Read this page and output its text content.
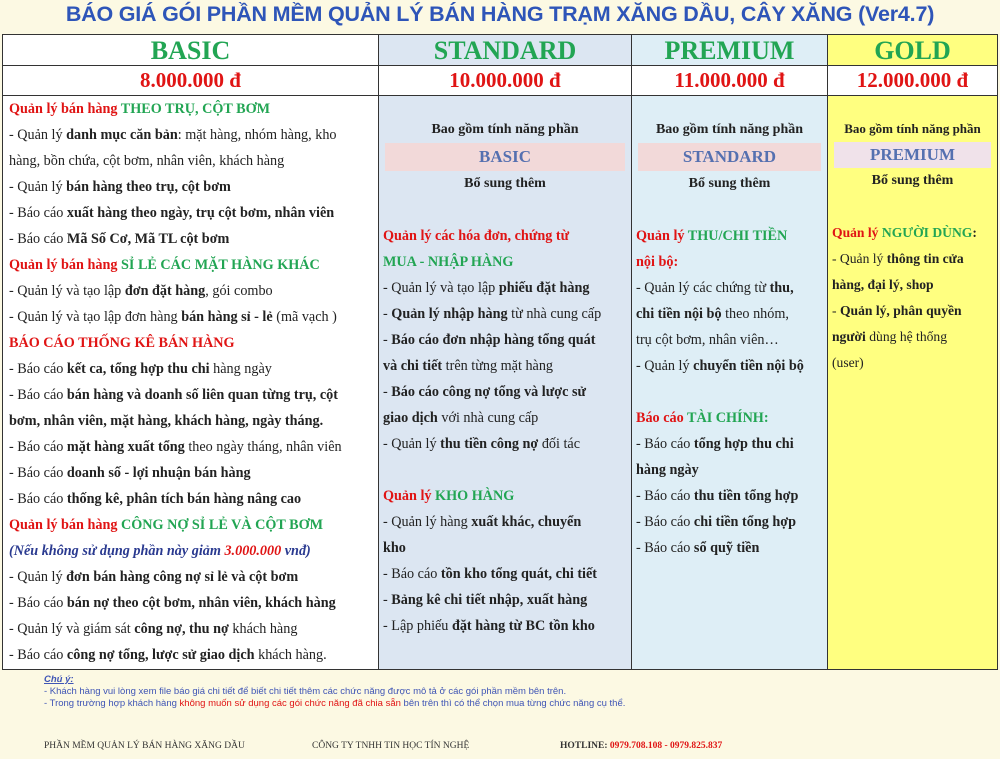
BÁO GIÁ GÓI PHẦN MỀM QUẢN LÝ BÁN HÀNG TRẠM XĂNG DẦU, CÂY XĂNG (Ver4.7)
BASIC
8.000.000 đ
Quản lý bán hàng THEO TRỤ, CỘT BƠM
- Quản lý danh mục căn bản: mặt hàng, nhóm hàng, kho
hàng, bồn chứa, cột bơm, nhân viên, khách hàng
- Quản lý bán hàng theo trụ, cột bơm
- Báo cáo xuất hàng theo ngày, trụ cột bơm, nhân viên
- Báo cáo Mã Số Cơ, Mã TL cột bơm
Quản lý bán hàng SỈ LẺ CÁC MẶT HÀNG KHÁC
- Quản lý và tạo lập đơn đặt hàng, gói combo
- Quản lý và tạo lập đơn hàng bán hàng sỉ - lẻ (mã vạch )
BÁO CÁO THỐNG KÊ BÁN HÀNG
- Báo cáo kết ca, tổng hợp thu chi hàng ngày
- Báo cáo bán hàng và doanh số liên quan từng trụ, cột
bơm, nhân viên, mặt hàng, khách hàng, ngày tháng.
- Báo cáo mặt hàng xuất tổng theo ngày tháng, nhân viên
- Báo cáo doanh số - lợi nhuận bán hàng
- Báo cáo thống kê, phân tích bán hàng nâng cao
Quản lý bán hàng CÔNG NỢ SỈ LẺ VÀ CỘT BƠM
(Nếu không sử dụng phần này giảm 3.000.000 vnđ)
- Quản lý đơn bán hàng công nợ sỉ lẻ và cột bơm
- Báo cáo bán nợ theo cột bơm, nhân viên, khách hàng
- Quản lý và giám sát công nợ, thu nợ khách hàng
- Báo cáo công nợ tổng, lược sử giao dịch khách hàng.
STANDARD
10.000.000 đ
Bao gồm tính năng phần
BASIC
Bổ sung thêm
Quản lý các hóa đơn, chứng từ
MUA - NHẬP HÀNG
- Quản lý và tạo lập phiếu đặt hàng
- Quản lý nhập hàng từ nhà cung cấp
- Báo cáo đơn nhập hàng tổng quát
và chi tiết trên từng mặt hàng
- Báo cáo công nợ tổng và lược sử
giao dịch với nhà cung cấp
- Quản lý thu tiền công nợ đối tác
Quản lý KHO HÀNG
- Quản lý hàng xuất khác, chuyển
kho
- Báo cáo tồn kho tổng quát, chi tiết
- Bảng kê chi tiết nhập, xuất hàng
- Lập phiếu đặt hàng từ BC tồn kho
PREMIUM
11.000.000 đ
Bao gồm tính năng phần
STANDARD
Bổ sung thêm
Quản lý THU/CHI TIỀN
nội bộ:
- Quản lý các chứng từ thu,
chi tiền nội bộ theo nhóm,
trụ cột bơm, nhân viên…
- Quản lý chuyển tiền nội bộ
Báo cáo TÀI CHÍNH:
- Báo cáo tổng hợp thu chi
hàng ngày
- Báo cáo thu tiền tổng hợp
- Báo cáo chi tiền tổng hợp
- Báo cáo sổ quỹ tiền
GOLD
12.000.000 đ
Bao gồm tính năng phần
PREMIUM
Bổ sung thêm
Quản lý NGƯỜI DÙNG:
- Quản lý thông tin cửa
hàng, đại lý, shop
- Quản lý, phân quyền
người dùng hệ thống
(user)
Chú ý:
- Khách hàng vui lòng xem file báo giá chi tiết để biết chi tiết thêm các chức năng được mô tả ở các gói phần mềm bên trên.
- Trong trường hợp khách hàng không muốn sử dụng các gói chức năng đã chia sẵn bên trên thì có thể chọn mua từng chức năng cụ thể.
PHẦN MỀM QUẢN LÝ BÁN HÀNG XĂNG DẦU	CÔNG TY TNHH TIN HỌC TÍN NGHỆ	HOTLINE: 0979.708.108 - 0979.825.837
